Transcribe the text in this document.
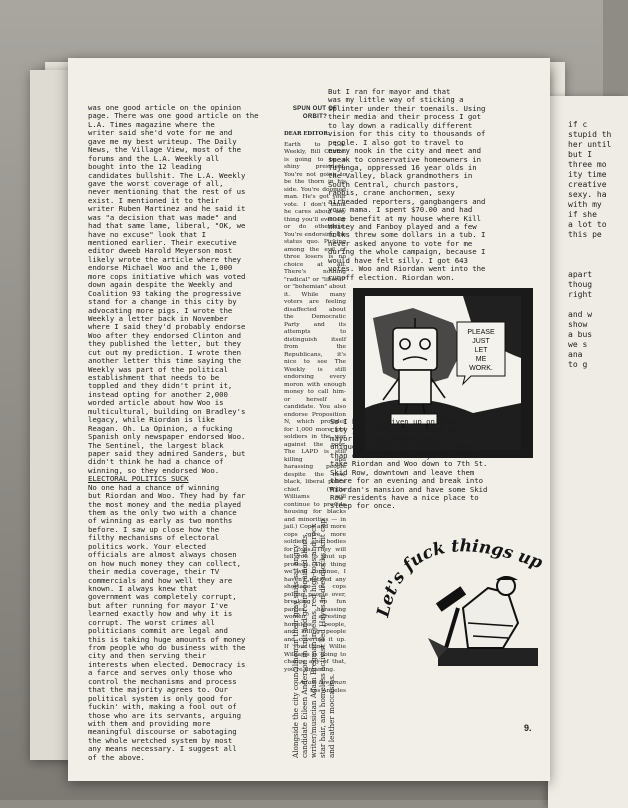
if c
stupid th
her until
but I
three mo
ity time
creative
sexy. ha
with my
if she
a lot to
this pe
apart
thoug
right
and w
show
a bus
we s
ana
to g
was one good article on the opinion
page. There was one good article on the
L.A. Times magazine where the
writer said she'd vote for me and
gave me my best writeup. The Daily
News, the Village View, most of the
forums and the L.A. Weekly all
bought into the 12 leading
candidates bullshit. The L.A. Weekly
gave the worst coverage of all,
never mentioning that the rest of us
exist. I mentioned it to their
writer Ruben Martinez and he said it
was "a decision that was made" and
had that same lame, liberal, "OK, we
have no excuse" look that I
mentioned earlier. Their executive
editor dweeb Harold Meyerson most
likely wrote the article where they
endorse Michael Woo and the 1,000
more cops initiative which was voted
down again despite the Weekly and
Coalition 93 taking the progressive
stand for a change in this city by
advocating more pigs. I wrote the
Weekly a letter back in November
where I said they'd probably endorse
Woo after they endorsed Clinton and
they published the letter, but they
cut out my prediction. I wrote then
another letter this time saying the
Weekly was part of the political
establishment that needs to be
toppled and they didn't print it,
instead opting for another 2,000
worded article about how Woo is
multicultural, building on Bradley's
legacy, while Riordan is like
Reagan. Oh. La Opinion, a fucking
Spanish only newspaper endorsed Woo.
The Sentinel, the largest black
paper said they admired Sanders, but
didn't think he had a chance of
winning, so they endorsed Woo.
ELECTORAL POLITICS SUCK
No one had a chance of winning
but Riordan and Woo. They had by far
the most money and the media played
them as the only two with a chance
of winning as early as two months
before. I saw up close how the
filthy mechanisms of electoral
politics work. Your elected
officials are almost always chosen
on how much money they can collect,
their media coverage, their TV
commercials and how well they are
known. I always knew that
government was completely corrupt,
but after running for mayor I've
learned exactly how and why it is
corrupt. The worst crimes all
politicians commit are legal and
this is taking huge amounts of money
from people who do business with the
city and then serving their
interests when elected. Democracy is
a farce and serves only those who
control the mechanisms and process
that the majority agrees to. Our
political system is only good for
fuckin' with, making a fool out of
those who are its servants, arguing
with them and providing more
meaningful discourse or sabotaging
the whole wretched system by most
any means necessary. I suggest all
of the above.
SPUN OUT OF ORBIT?
DEAR EDITOR:

Earth to L.A. Weekly, Bill Clinton is going to be a shiny president. You're not going to be the thorn in his side. You're doomed man. He's got your vote. I don't think he cares about any thing you'll ever say or do otherwise. You're endorsing the status quo. Picking among the evil of three losers is no choice at all. There's nothing "radical" or "liberal" or "bohemian" about it. While many voters are feeling disaffected about the Democratic Party and its attempts to distinguish itself from the Republicans, it's nice to see The Weekly is still endorsing every moron with enough money to call him- or herself a candidate. You also endorse Proposition N, which provides for 1,000 more foot soldiers in the war against the poor. The LAPD is still killing and harassing people despite the new, black, liberal police chief. (Willie Williams will continue to provide housing for blacks and minorities — in jail.) Cops and more cops give more soldiers and bodies for cops. They will tell you to shut up protests. The thing we will continue, I haven't noticed any shortage of cops polling people over, breaking up fun parties, harassing women, arresting homeless people, and killing people and covering it up. If you think Willie Williams is going to change any of that, you're dreaming.

—Adam Bregman
Los Angeles

Alongside the city councilmen in their gray suits sat angry candidate Eileen Anderson in knit and green-sequined shorts, writer/musician Adam Bregman in jeans, red high-tops and rock star hair, and homeless activist Ted Hayes in dreadlocks, knit cap and leather moccasins.

But I ran for mayor and that
was my little way of sticking a
splinter under their toenails. Using
their media and their process I got
to lay down a radically different
vision for this city to thousands of
people. I also got to travel to
every nook in the city and meet and
speak to conservative homeowners in
Tujunga, oppressed 16 year olds in
the Valley, black grandmothers in
South Central, church pastors,
rabbis, crane anchormen, sexy
airheaded reporters, gangbangers and
your mama. I spent $70.00 and had
more benefit at my house where Kill
Whitey and Fanboy played and a few
folks threw some dollars in a tub. I
never asked anyone to vote for me
during the whole campaign, because I
would have felt silly. I got 643
votes. Woo and Riordan went into the
runoff election. Riordan won.
PLEASE
JUST
LET
ME
WORK.
So I haven't given up on this
city yet. Actually running for
mayor made me appreciate its
uniqueness and its diversity more
than ever before. I'd just like to
take Riordan and Woo down to 7th St.
Skid Row, downtown and leave them
there for an evening and break into
Riordan's mansion and have some Skid
Row residents have a nice place to
sleep for once.
Let's fuck things up
9.
